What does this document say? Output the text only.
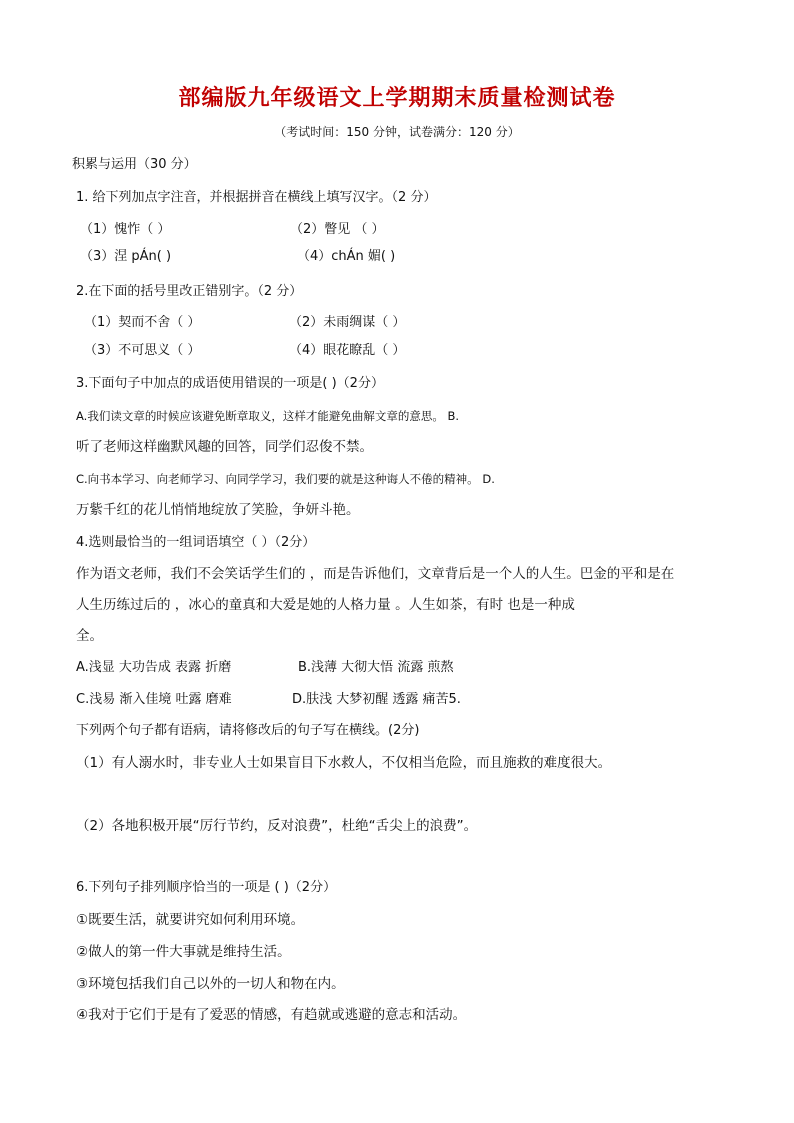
部编版九年级语文上学期期末质量检测试卷
（考试时间：150 分钟，试卷满分：120 分）
积累与运用（30 分）
1. 给下列加点字注音，并根据拼音在横线上填写汉字。（2 分）
（1）愧怍（ ）	（2）瞥见 （ ）
（3）涅 pÁn( )	（4）chÁn 媚( )
2.在下面的括号里改正错别字。（2 分）
（1）契而不舍（ ）	（2）未雨绸谋（ ）
（3）不可思义（ ）	（4）眼花瞭乱（ ）
3.下面句子中加点的成语使用错误的一项是( )（2分）
A.我们读文章的时候应该避免断章取义，这样才能避免曲解文章的意思。 B.
听了老师这样幽默风趣的回答，同学们忍俊不禁。
C.向书本学习、向老师学习、向同学学习，我们要的就是这种诲人不倦的精神。 D.
万紫千红的花儿悄悄地绽放了笑脸，争妍斗艳。
4.选则最恰当的一组词语填空（ ）（2分）
作为语文老师，我们不会笑话学生们的 ，而是告诉他们，文章背后是一个人的人生。巴金的平和是在
人生历练过后的 ，冰心的童真和大爱是她的人格力量 。人生如茶，有时 也是一种成
全。
A.浅显 大功告成 表露 折磨	B.浅薄 大彻大悟 流露 煎熬
C.浅易 渐入佳境 吐露 磨难	D.肤浅 大梦初醒 透露 痛苦5.
下列两个句子都有语病，请将修改后的句子写在横线。(2分)
（1）有人溺水时，非专业人士如果盲目下水救人，不仅相当危险，而且施救的难度很大。
（2）各地积极开展“厉行节约，反对浪费”，杜绝“舌尖上的浪费”。
6.下列句子排列顺序恰当的一项是 ( )（2分）
①既要生活，就要讲究如何利用环境。
②做人的第一件大事就是维持生活。
③环境包括我们自己以外的一切人和物在内。
④我对于它们于是有了爱恶的情感，有趋就或逃避的意志和活动。
